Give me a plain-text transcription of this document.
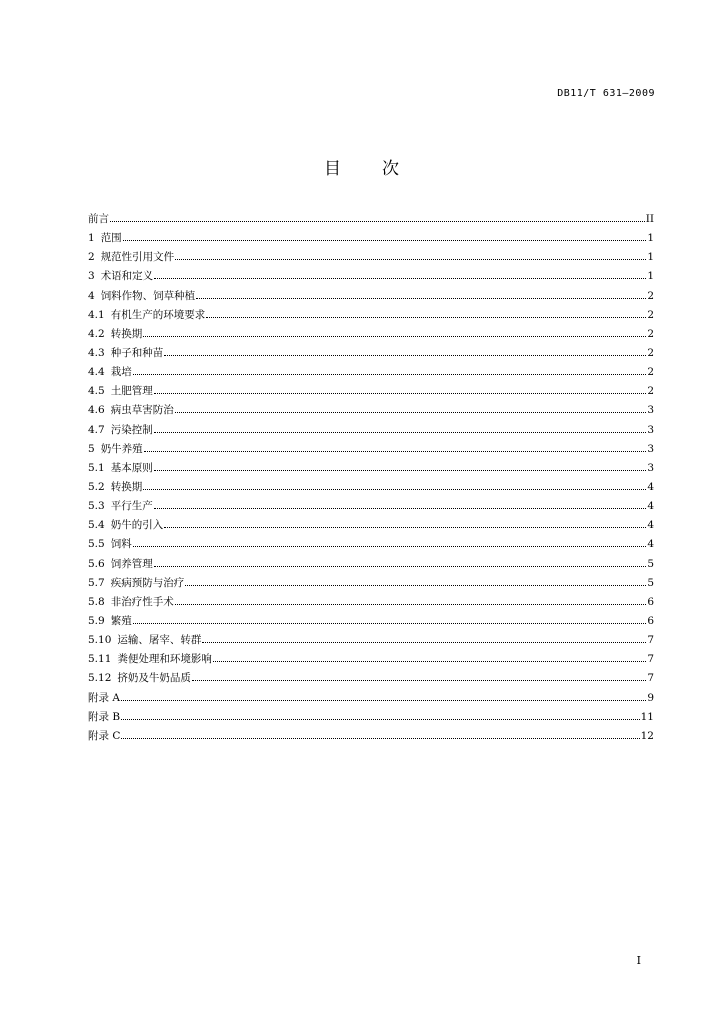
DB11/T 631—2009
目 次
前言	II
1 范围	1
2 规范性引用文件	1
3 术语和定义	1
4 饲料作物、饲草种植	2
4.1 有机生产的环境要求	2
4.2 转换期	2
4.3 种子和种苗	2
4.4 栽培	2
4.5 土肥管理	2
4.6 病虫草害防治	3
4.7 污染控制	3
5 奶牛养殖	3
5.1 基本原则	3
5.2 转换期	4
5.3 平行生产	4
5.4 奶牛的引入	4
5.5 饲料	4
5.6 饲养管理	5
5.7 疾病预防与治疗	5
5.8 非治疗性手术	6
5.9 繁殖	6
5.10 运输、屠宰、转群	7
5.11 粪便处理和环境影响	7
5.12 挤奶及牛奶品质	7
附录 A	9
附录 B	11
附录 C	12
I
